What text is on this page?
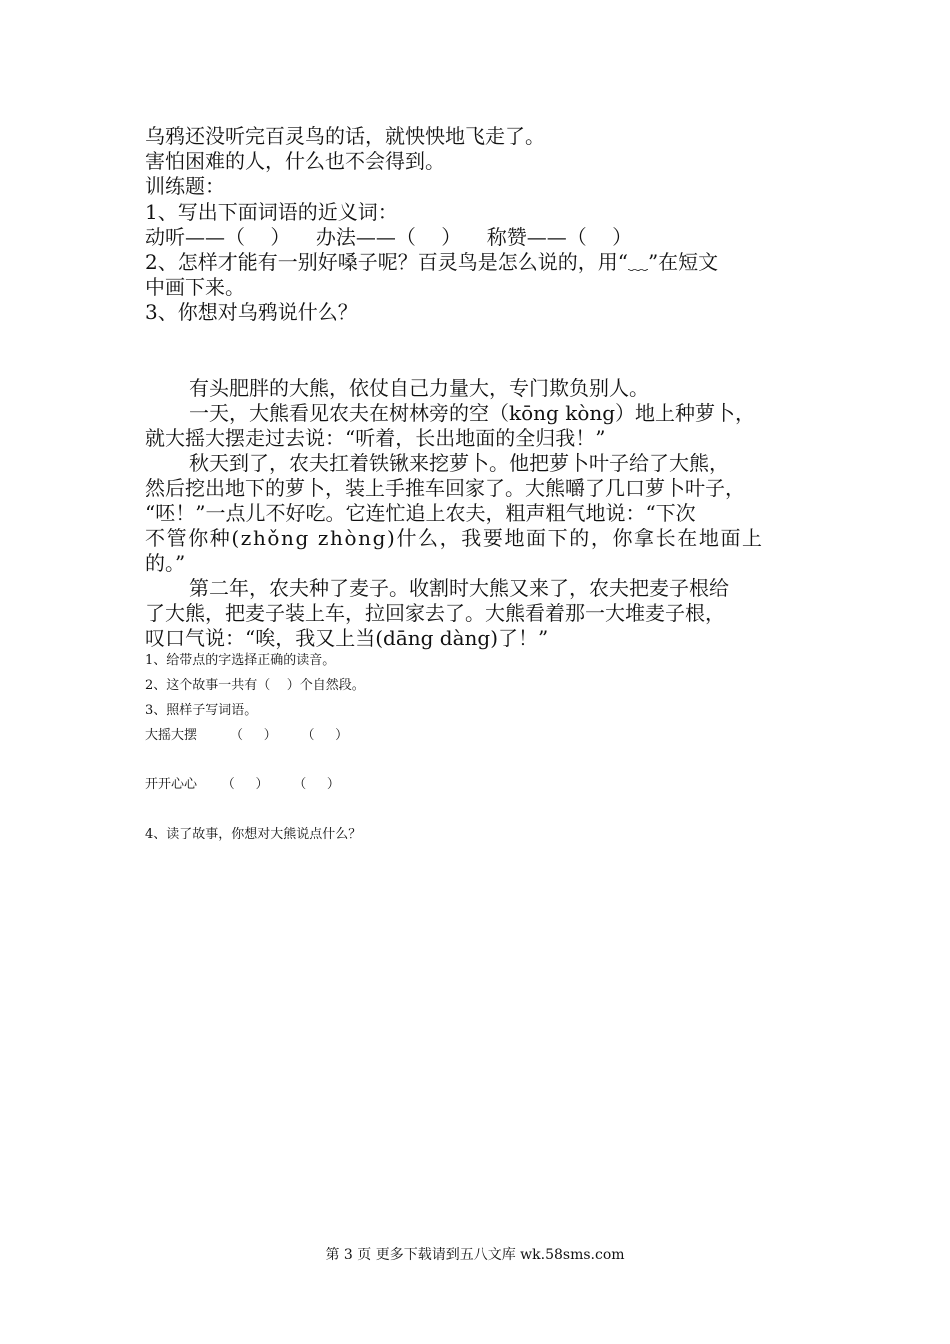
乌鸦还没听完百灵鸟的话，就怏怏地飞走了。
害怕困难的人，什么也不会得到。
训练题：
1、写出下面词语的近义词：
动听——（    ）    办法——（    ）    称赞——（    ）
2、怎样才能有一别好嗓子呢？百灵鸟是怎么说的，用“﹏”在短文
中画下来。
3、你想对乌鸦说什么？
有头肥胖的大熊，依仗自己力量大，专门欺负别人。
一天，大熊看见农夫在树林旁的空（kōng kòng）地上种萝卜，
就大摇大摆走过去说：“听着，长出地面的全归我！”
秋天到了，农夫扛着铁锹来挖萝卜。他把萝卜叶子给了大熊，
然后挖出地下的萝卜，装上手推车回家了。大熊嚼了几口萝卜叶子，
“呸！”一点儿不好吃。它连忙追上农夫，粗声粗气地说：“下次
不管你种(zhǒng zhòng)什么，我要地面下的，你拿长在地面上
的。”
第二年，农夫种了麦子。收割时大熊又来了，农夫把麦子根给
了大熊，把麦子装上车，拉回家去了。大熊看着那一大堆麦子根，
叹口气说：“唉，我又上当(dāng dàng)了！”
1、给带点的字选择正确的读音。
2、这个故事一共有（    ）个自然段。
3、照样子写词语。
大摇大摆        （     ）      （     ）
开开心心      （     ）      （     ）
4、读了故事，你想对大熊说点什么？
第 3 页 更多下载请到五八文库 wk.58sms.com
